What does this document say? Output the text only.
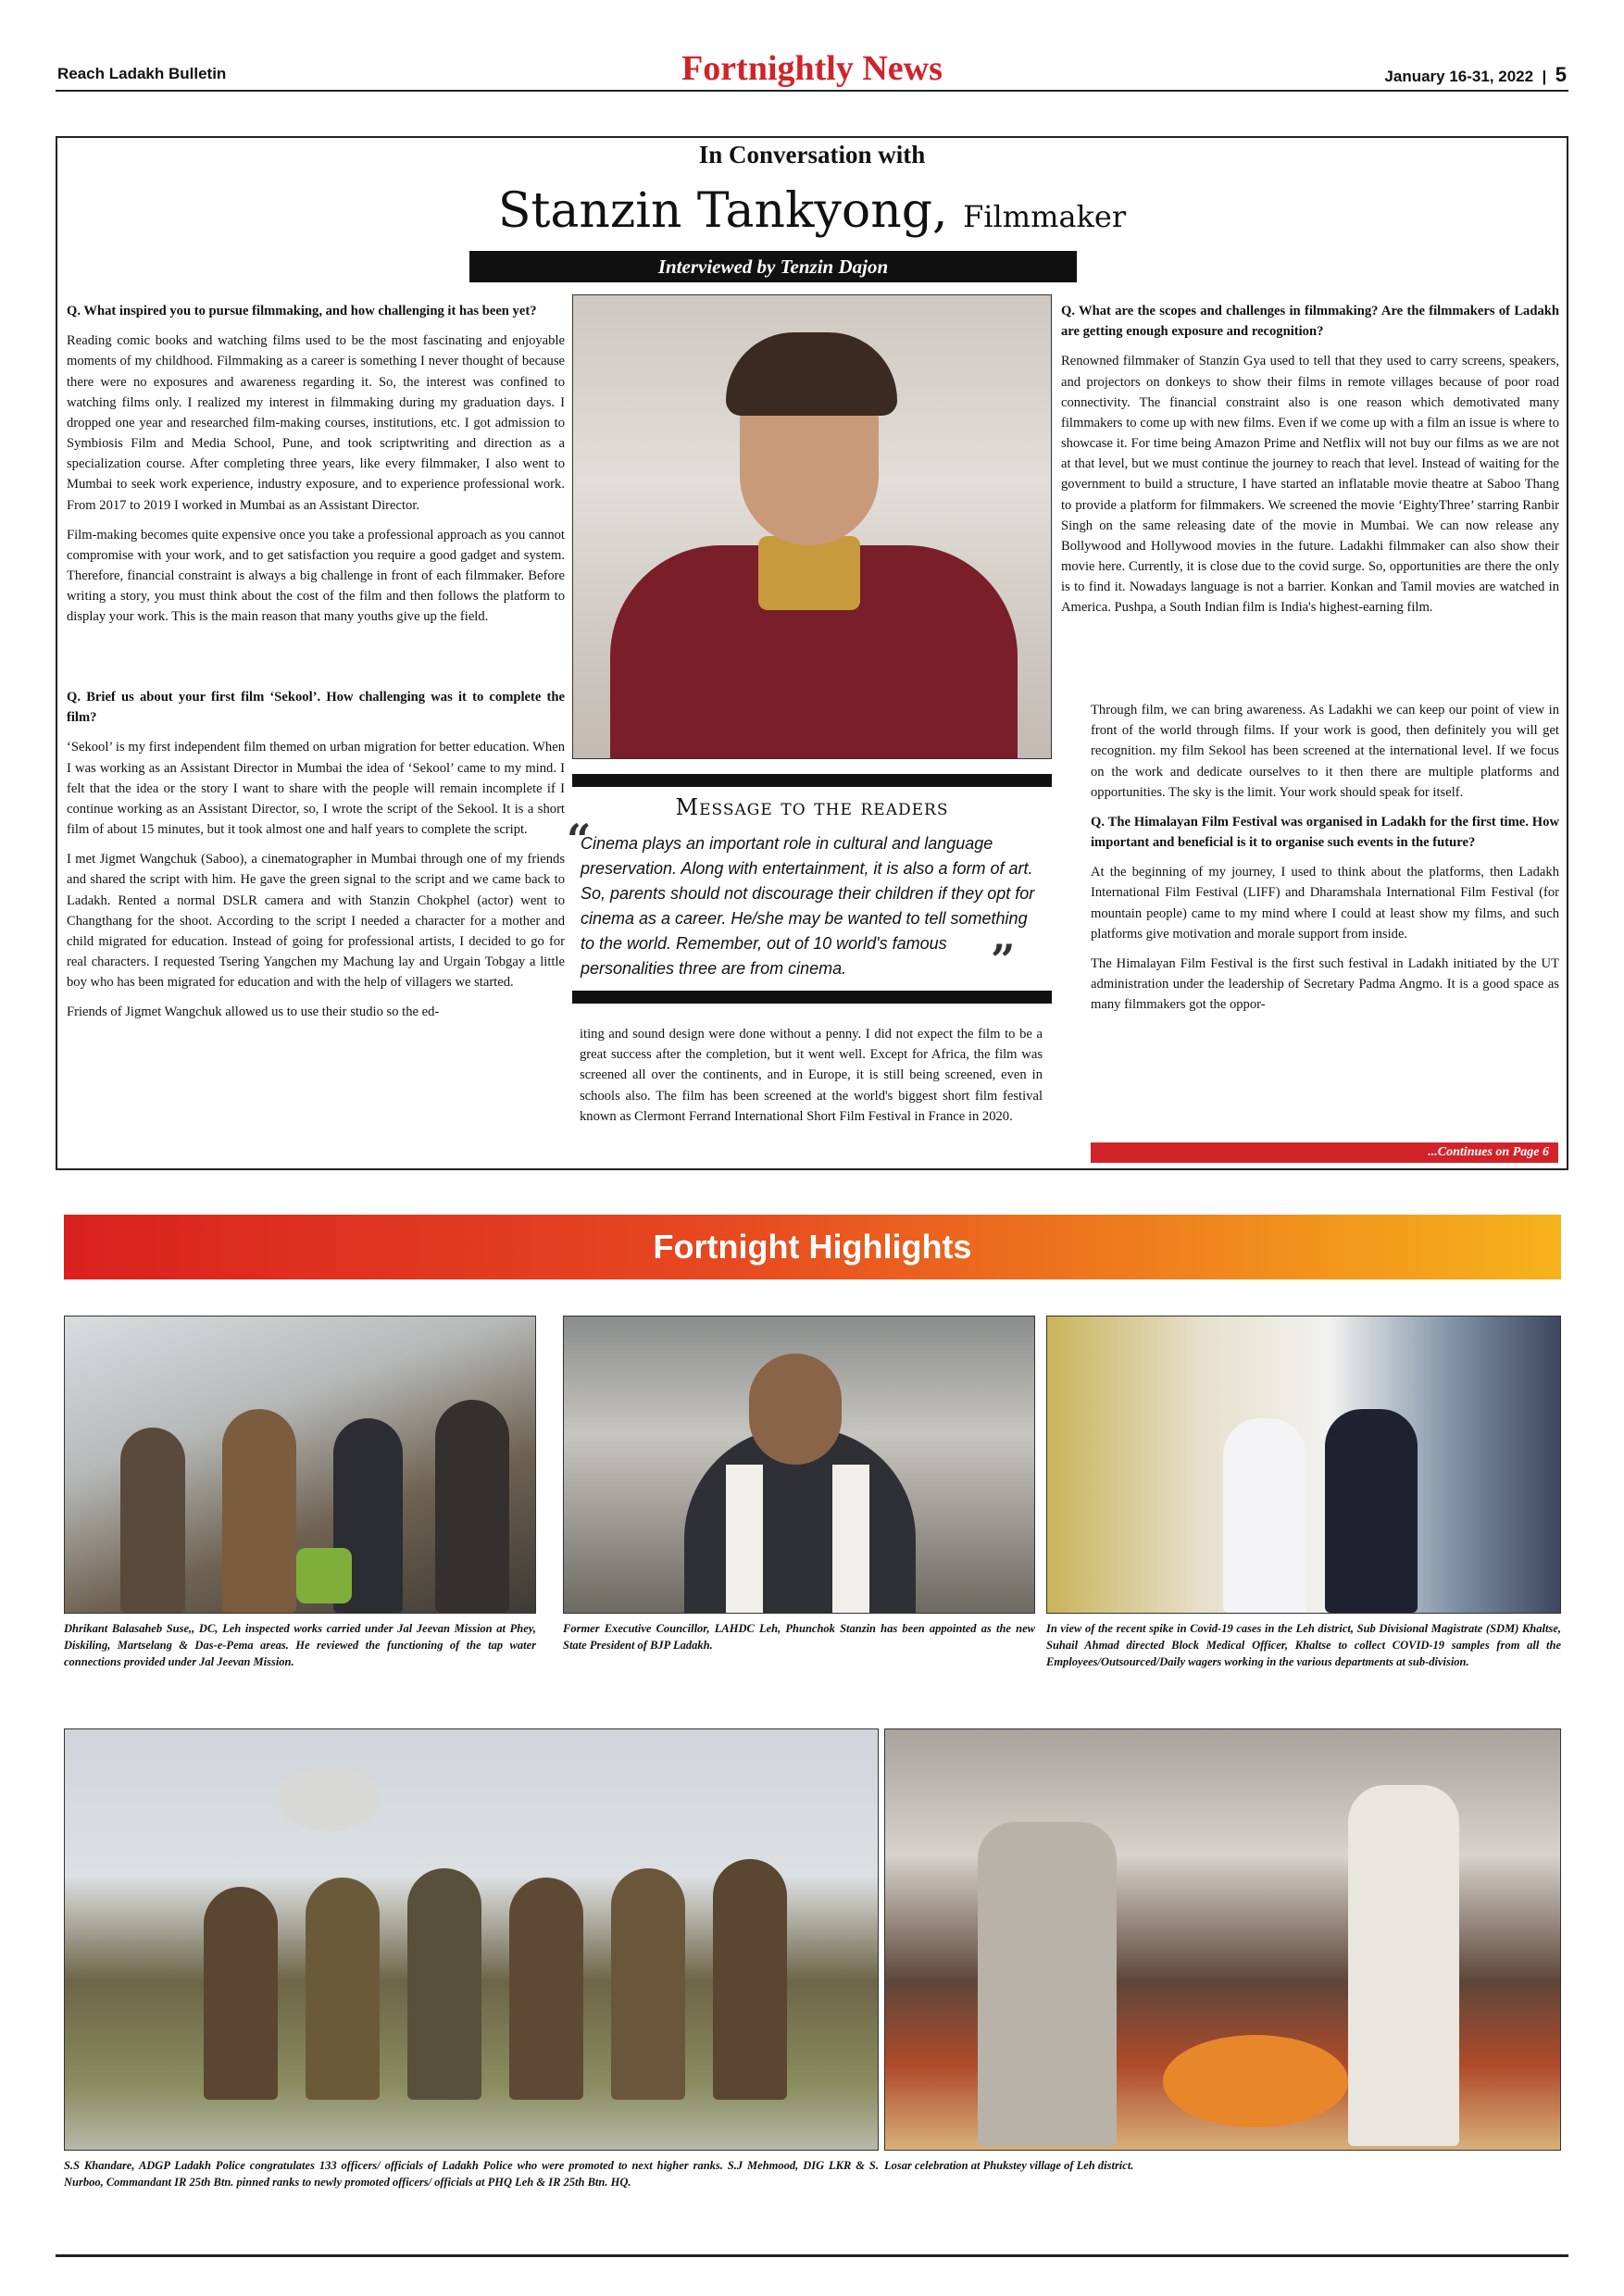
Reach Ladakh Bulletin	Fortnightly News	January 16-31, 2022  |  5
In Conversation with
Stanzin Tankyong, Filmmaker
Interviewed by Tenzin Dajon

Q. What inspired you to pursue filmmaking, and how challenging it has been yet?

Reading comic books and watching films used to be the most fascinating and enjoyable moments of my childhood. Filmmaking as a career is something I never thought of because there were no exposures and awareness regarding it. So, the interest was confined to watching films only. I realized my interest in filmmaking during my graduation days. I dropped one year and researched film-making courses, institutions, etc. I got admission to Symbiosis Film and Media School, Pune, and took scriptwriting and direction as a specialization course. After completing three years, like every filmmaker, I also went to Mumbai to seek work experience, industry exposure, and to experience professional work. From 2017 to 2019 I worked in Mumbai as an Assistant Director.

Film-making becomes quite expensive once you take a professional approach as you cannot compromise with your work, and to get satisfaction you require a good gadget and system. Therefore, financial constraint is always a big challenge in front of each filmmaker. Before writing a story, you must think about the cost of the film and then follows the platform to display your work. This is the main reason that many youths give up the field.

Q. Brief us about your first film ‘Sekool’. How challenging was it to complete the film?

‘Sekool’ is my first independent film themed on urban migration for better education. When I was working as an Assistant Director in Mumbai the idea of ‘Sekool’ came to my mind. I felt that the idea or the story I want to share with the people will remain incomplete if I continue working as an Assistant Director, so, I wrote the script of the Sekool. It is a short film of about 15 minutes, but it took almost one and half years to complete the script.

I met Jigmet Wangchuk (Saboo), a cinematographer in Mumbai through one of my friends and shared the script with him. He gave the green signal to the script and we came back to Ladakh. Rented a normal DSLR camera and with Stanzin Chokphel (actor) went to Changthang for the shoot. According to the script I needed a character for a mother and child migrated for education. Instead of going for professional artists, I decided to go for real characters. I requested Tsering Yangchen my Machung lay and Urgain Tobgay a little boy who has been migrated for education and with the help of villagers we started.

Friends of Jigmet Wangchuk allowed us to use their studio so the ed-

Message to the readers
“
Cinema plays an important role in cultural and language preservation. Along with entertainment, it is also a form of art. So, parents should not discourage their children if they opt for cinema as a career. He/she may be wanted to tell something to the world. Remember, out of 10 world's famous personalities three are from cinema.	”

iting and sound design were done without a penny. I did not expect the film to be a great success after the completion, but it went well. Except for Africa, the film was screened all over the continents, and in Europe, it is still being screened, even in schools also. The film has been screened at the world's biggest short film festival known as Clermont Ferrand International Short Film Festival in France in 2020.

Q. What are the scopes and challenges in filmmaking? Are the filmmakers of Ladakh are getting enough exposure and recognition?

Renowned filmmaker of Stanzin Gya used to tell that they used to carry screens, speakers, and projectors on donkeys to show their films in remote villages because of poor road connectivity. The financial constraint also is one reason which demotivated many filmmakers to come up with new films. Even if we come up with a film an issue is where to showcase it. For time being Amazon Prime and Netflix will not buy our films as we are not at that level, but we must continue the journey to reach that level. Instead of waiting for the government to build a structure, I have started an inflatable movie theatre at Saboo Thang to provide a platform for filmmakers. We screened the movie ‘EightyThree’ starring Ranbir Singh on the same releasing date of the movie in Mumbai. We can now release any Bollywood and Hollywood movies in the future. Ladakhi filmmaker can also show their movie here. Currently, it is close due to the covid surge. So, opportunities are there the only is to find it. Nowadays language is not a barrier. Konkan and Tamil movies are watched in America. Pushpa, a South Indian film is India's highest-earning film.

Through film, we can bring awareness. As Ladakhi we can keep our point of view in front of the world through films. If your work is good, then definitely you will get recognition. my film Sekool has been screened at the international level. If we focus on the work and dedicate ourselves to it then there are multiple platforms and opportunities. The sky is the limit. Your work should speak for itself.

Q. The Himalayan Film Festival was organised in Ladakh for the first time. How important and beneficial is it to organise such events in the future?

At the beginning of my journey, I used to think about the platforms, then Ladakh International Film Festival (LIFF) and Dharamshala International Film Festival (for mountain people) came to my mind where I could at least show my films, and such platforms give motivation and morale support from inside.

The Himalayan Film Festival is the first such festival in Ladakh initiated by the UT administration under the leadership of Secretary Padma Angmo. It is a good space as many filmmakers got the oppor-

...Continues on Page 6
Fortnight Highlights
Dhrikant Balasaheb Suse,, DC, Leh inspected works carried under Jal Jeevan Mission at Phey, Diskiling, Martselang & Das-e-Pema areas. He reviewed the functioning of the tap water connections provided under Jal Jeevan Mission.
Former Executive Councillor, LAHDC Leh, Phunchok Stanzin has been appointed as the new State President of BJP Ladakh.
In view of the recent spike in Covid-19 cases in the Leh district, Sub Divisional Magistrate (SDM) Khaltse, Suhail Ahmad directed Block Medical Officer, Khaltse to collect COVID-19 samples from all the Employees/Outsourced/Daily wagers working in the various departments at sub-division.
S.S Khandare, ADGP Ladakh Police congratulates 133 officers/ officials of Ladakh Police who were promoted to next higher ranks. S.J Mehmood, DIG LKR & S. Nurboo, Commandant IR 25th Btn. pinned ranks to newly promoted officers/ officials at PHQ Leh & IR 25th Btn. HQ.
Losar celebration at Phukstey village of Leh district.
